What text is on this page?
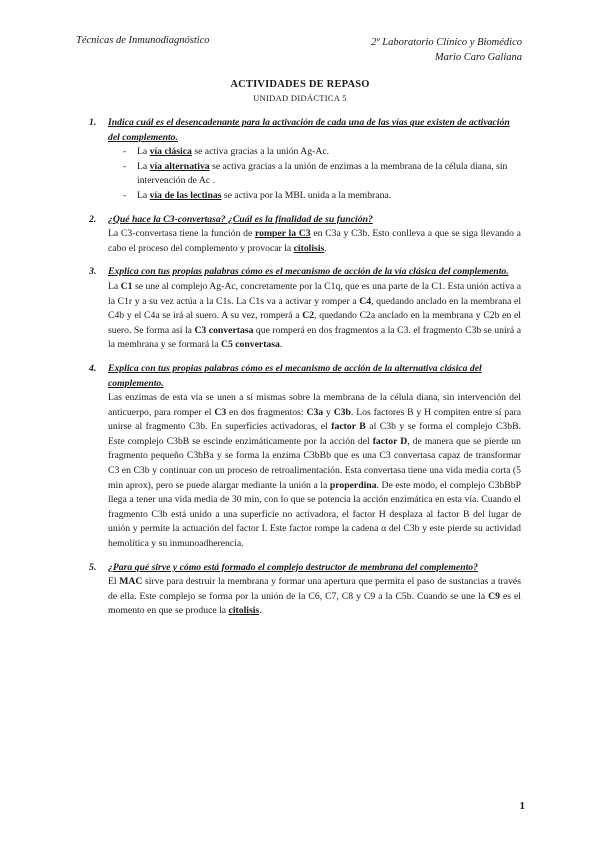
Técnicas de Inmunodiagnóstico	2º Laboratorio Clínico y Biomédico
Mario Caro Galiana
ACTIVIDADES DE REPASO
UNIDAD DIDÁCTICA 5
1. Indica cuál es el desencadenante para la activación de cada una de las vías que existen de activación del complemento.
- La vía clásica se activa gracias a la unión Ag-Ac.
- La vía alternativa se activa gracias a la unión de enzimas a la membrana de la célula diana, sin intervención de Ac .
- La vía de las lectinas se activa por la MBL unida a la membrana.
2. ¿Qué hace la C3-convertasa? ¿Cuál es la finalidad de su función?
La C3-convertasa tiene la función de romper la C3 en C3a y C3b. Esto conlleva a que se siga llevando a cabo el proceso del complemento y provocar la citolisis.
3. Explica con tus propias palabras cómo es el mecanismo de acción de la vía clásica del complemento.
La C1 se une al complejo Ag-Ac, concretamente por la C1q, que es una parte de la C1. Esta unión activa a la C1r y a su vez actúa a la C1s. La C1s va a activar y romper a C4, quedando anclado en la membrana el C4b y el C4a se irá al suero. A su vez, romperá a C2, quedando C2a anclado en la membrana y C2b en el suero. Se forma así la C3 convertasa que romperá en dos fragmentos a la C3. el fragmento C3b se unirá a la membrana y se formará la C5 convertasa.
4. Explica con tus propias palabras cómo es el mecanismo de acción de la alternativa clásica del complemento.
Las enzimas de esta vía se unen a sí mismas sobre la membrana de la célula diana, sin intervención del anticuerpo, para romper el C3 en dos fragmentos: C3a y C3b. Los factores B y H compiten entre sí para unirse al fragmento C3b. En superficies activadoras, el factor B al C3b y se forma el complejo C3bB. Este complejo C3bB se escinde enzimáticamente por la acción del factor D, de manera que se pierde un fragmento pequeño C3bBa y se forma la enzima C3bBb que es una C3 convertasa capaz de transformar C3 en C3b y continuar con un proceso de retroalimentación. Esta convertasa tiene una vida media corta (5 min aprox), pero se puede alargar mediante la unión a la properdina. De este modo, el complejo C3bBbP llega a tener una vida media de 30 min, con lo que se potencia la acción enzimática en esta vía. Cuando el fragmento C3b está unido a una superficie no activadora, el factor H desplaza al factor B del lugar de unión y permite la actuación del factor I. Este factor rompe la cadena α del C3b y este pierde su actividad hemolítica y su inmunoadherencia.
5. ¿Para qué sirve y cómo está formado el complejo destructor de membrana del complemento?
El MAC sirve para destruir la membrana y formar una apertura que permita el paso de sustancias a través de ella. Este complejo se forma por la unión de la C6, C7, C8 y C9 a la C5b. Cuando se une la C9 es el momento en que se produce la citolisis.
1
